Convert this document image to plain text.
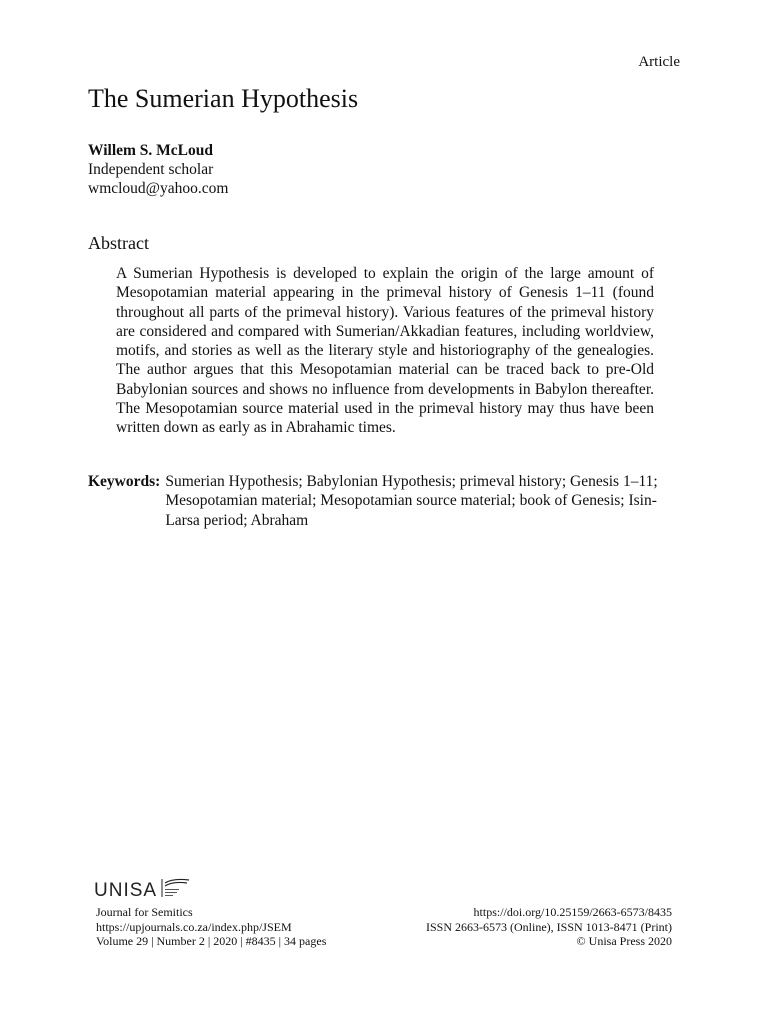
Article
The Sumerian Hypothesis
Willem S. McLoud
Independent scholar
wmcloud@yahoo.com
Abstract

A Sumerian Hypothesis is developed to explain the origin of the large amount of Mesopotamian material appearing in the primeval history of Genesis 1–11 (found throughout all parts of the primeval history). Various features of the primeval history are considered and compared with Sumerian/Akkadian features, including worldview, motifs, and stories as well as the literary style and historiography of the genealogies. The author argues that this Mesopotamian material can be traced back to pre-Old Babylonian sources and shows no influence from developments in Babylon thereafter. The Mesopotamian source material used in the primeval history may thus have been written down as early as in Abrahamic times.

Keywords: Sumerian Hypothesis; Babylonian Hypothesis; primeval history; Genesis 1–11; Mesopotamian material; Mesopotamian source material; book of Genesis; Isin-Larsa period; Abraham
UNISA
Journal for Semitics
https://upjournals.co.za/index.php/JSEM
Volume 29 | Number 2 | 2020 | #8435 | 34 pages
https://doi.org/10.25159/2663-6573/8435
ISSN 2663-6573 (Online), ISSN 1013-8471 (Print)
© Unisa Press 2020
